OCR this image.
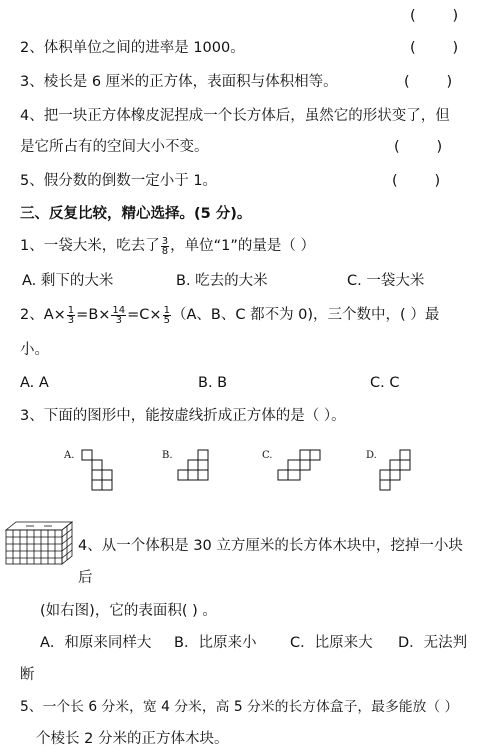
(        )
2、体积单位之间的进率是 1000。	(        )
3、棱长是 6 厘米的正方体，表面积与体积相等。	(        )
4、把一块正方体橡皮泥捏成一个长方体后，虽然它的形状变了，但
是它所占有的空间大小不变。	(        )
5、假分数的倒数一定小于 1。	(        )
三、反复比较，精心选择。(5 分)。
1、一袋大米，吃去了 $\frac{3}{8}$ ，单位“1”的量是（ ）
A. 剩下的大米	B. 吃去的大米	C. 一袋大米
2、$A\times \frac{1}{3} =B\times \frac{14}{3} =C\times \frac{1}{5} (A$、B、C 都不为 0)，三个数中，( ）最
小。
A. A	B. B	C. C
3、下面的图形中，能按虚线折成正方体的是（ ）。
A.	B.	C.	D.
4、从一个体积是 30 立方厘米的长方体木块中，挖掉一小块
后
(如右图)，它的表面积( ) 。
A．和原来同样大 B．比原来小 C．比原来大 D．无法判
断
5、一个长 6 分米，宽 4 分米，高 5 分米的长方体盒子，最多能放（ ）
个棱长 2 分米的正方体木块。
